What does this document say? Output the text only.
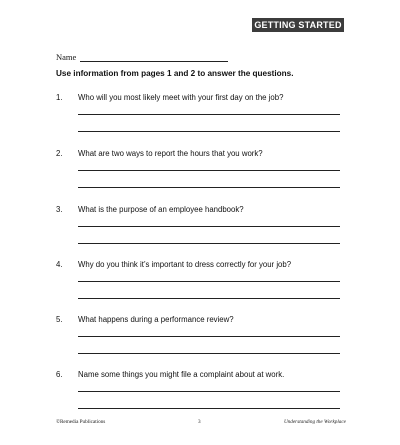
GETTING STARTED
Name
Use information from pages 1 and 2 to answer the questions.
1.	Who will you most likely meet with your first day on the job?
2.	What are two ways to report the hours that you work?
3.	What is the purpose of an employee handbook?
4.	Why do you think it’s important to dress correctly for your job?
5.	What happens during a performance review?
6.	Name some things you might file a complaint about at work.
©Remedia Publications	3	Understanding the Workplace
